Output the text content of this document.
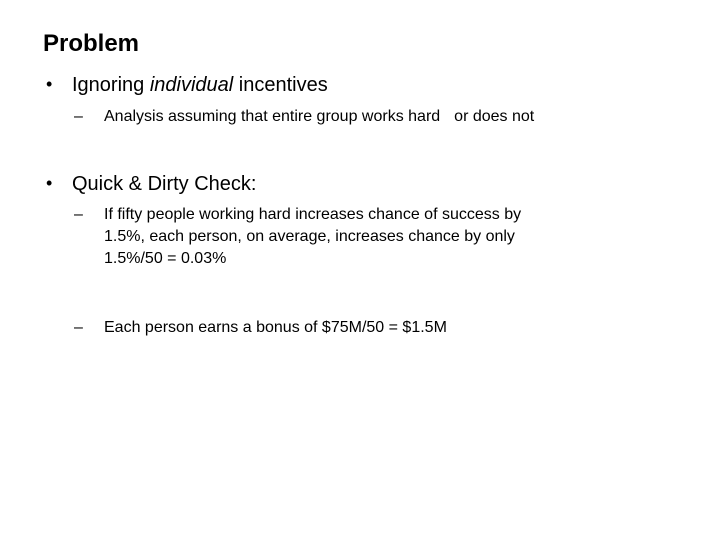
Problem
• Ignoring individual incentives
–	Analysis assuming that entire group works hard or does not
• Quick & Dirty Check:
–	If fifty people working hard increases chance of success by
1.5%, each person, on average, increases chance by only
1.5%/50 = 0.03%
–	Each person earns a bonus of $75M/50 = $1.5M
